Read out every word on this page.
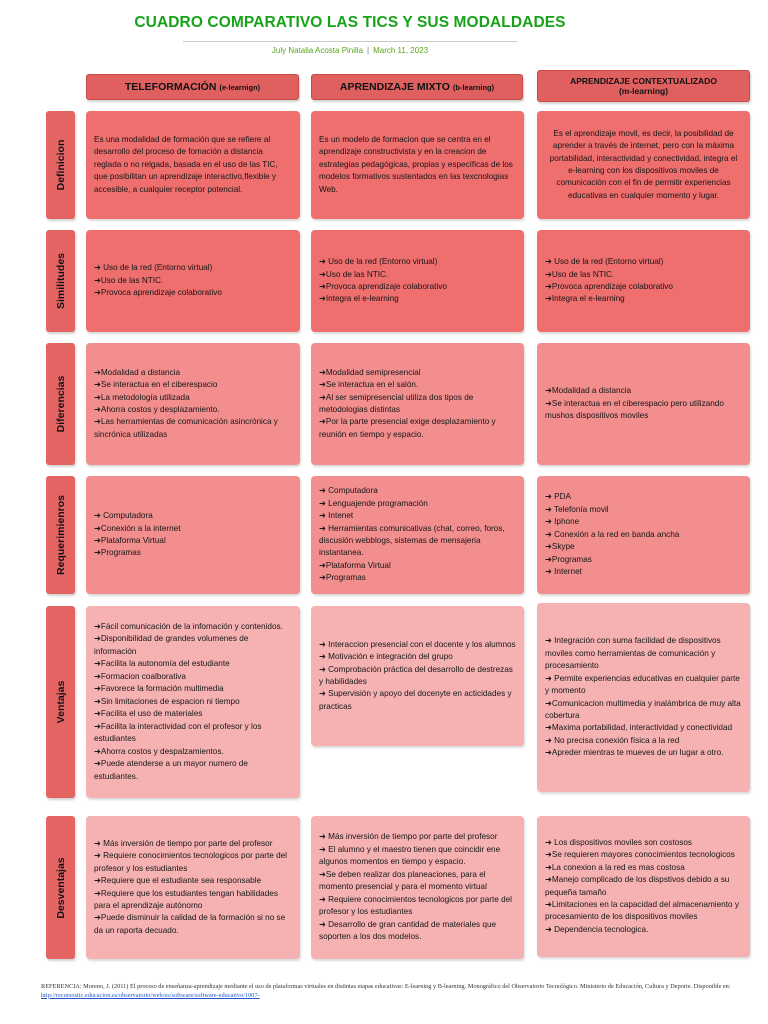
CUADRO COMPARATIVO LAS TICS Y SUS MODALDADES
July Natalia Acosta Pinilla | March 11, 2023
TELEFORMACIÓN (e-learnign)	APRENDIZAJE MIXTO (b-learning)
APRENDIZAJE CONTEXTUALIZADO
(m-learning)
Definicion
Similitudes
Diferencias
Requerimienros
Ventajas
Desventajas
Es una modalidad de formación que se refiere al desarrollo del proceso de fomación a distancia reglada o no relgada, basada en el uso de las TIC, que posibilitan un aprendizaje interactivo,flexible y accesible, a cualquier receptor potencial.
Es un modelo de formacion que se centra en el aprendizaje constructivista y en la creacion de estrategias pedagógicas, propias y específicas de los modelos formativos sustentados en las texcnologias Web.
Es el aprendizaje movil, es decir, la posibilidad de aprender a través de internet, pero con la máxima portabilidad, interactividad y conectividad, integra el e-learning con los dispositivos moviles de comunicación con el fin de permitir experiencias educativas en cualquier momento y lugar.
➜ Uso de la red (Entorno virtual)
➜Uso de las NTIC.
➜Provoca aprendizaje colaborativo
➜ Uso de la red (Entorno virtual)
➜Uso de las NTIC.
➜Provoca aprendizaje colaborativo
➜Integra el e-learning
➜ Uso de la red (Entorno virtual)
➜Uso de las NTIC.
➜Provoca aprendizaje colaborativo
➜Integra el e-learning
➜Modalidad a distancia
➜Se interactua en el ciberespacio
➜La metodología utilizada
➜Ahorra costos y desplazamiento.
➜Las herramientas de comunicación asincrónica y sincrónica utilizadas
➜Modalidad semipresencial
➜Se interactua en el salón.
➜Al ser semipresencial utiliza dos tipos de metodologias distintas
➜Por la parte presencial exige desplazamiento y reunión en tiempo y espacio.
➜Modalidad a distancia
➜Se interactua en el ciberespacio pero utilizando mushos dispositivos moviles
➜ Computadora
➜Conexión a la internet
➜Plataforma Virtual
➜Programas
➜ Computadora
➜ Lenguajende programación
➜ Intenet
➜ Herramientas comunicativas (chat, correo, foros, discusión webblogs, sistemas de mensajeria instantanea.
➜Plataforma Virtual
➜Programas
➜ PDA
➜ Telefonía movil
➜ Iphone
➜ Conexión a la red en banda ancha
➜Skype
➜Programas
➜ Internet
➜Fácil comunicación de la infomación y contenidos.
➜Disponibilidad de grandes volumenes de información
➜Facilita la autonomía del estudiante
➜Formacion coalborativa
➜Favorece la formación multimedia
➜Sin limitaciones de espacion ni tiempo
➜Facilita el uso de materiales
➜Facilita la interactividad con el profesor y los estudiantes
➜Ahorra costos y despalzamientos.
➜Puede atenderse a un mayor numero de estudiantes.
➜ Interaccion presencial con el docente y los alumnos
➜ Motivación e integración del grupo
➜ Comprobación práctica del desarrollo de destrezas y habilidades
➜ Supervisión y apoyo del docenyte en acticidades y practicas
➜ Integración con suma facilidad de dispositivos moviles como herramientas de comunicación y procesamiento
➜ Permite experiencias educativas en cualquier parte y momento
➜Comunicacion multimedia y inalámbrica de muy alta cobertura
➜Maxima portabilidad, interactividad y conectividad
➜ No precisa conexión física a la red
➜Apreder mientras te mueves de un lugar a otro.
➜ Más inversión de tiempo por parte del profesor
➜ Requiere conocimientos tecnologicos por parte del profesor y los estudiantes
➜Requiere que el estudiante sea responsable
➜Requiere que los estudiantes tengan habilidades para el aprendizaje autónomo
➜Puede disminuir la calidad de la formación si no se da un raporta decuado.
➜ Más inversión de tiempo por parte del profesor
➜ El alumno y el maestro tienen que coincidir ene algunos momentos en tiempo y espacio.
➜Se deben realizar dos planeaciones, para el momento presencial y para el momento virtual
➜ Requiere conocimientos tecnologicos por parte del profesor y los estudiantes
➜ Desarrollo de gran cantidad de materiales que soporten a los dos modelos.
➜ Los dispositivos moviles son costosos
➜Se requieren mayores conocimientos tecnologicos
➜La conexion a la red es mas costosa
➜Manejo complicado de los dispstivos debido a su pequeña tamaño
➜Limitaciones en la capacidad del almacenamiento y procesamiento de los dispositivos moviles
➜ Dependencia tecnologica.
REFERENCIA: Moreno, J. (2011) El proceso de enseñanza-aprendizaje mediante el uso de plataformas virtuales en distintas etapas educativas: E-learning y B-learning. Monográfico del Observatorio Tecnológico. Ministerio de Educación, Cultura y Deporte. Disponible en: http://recursostic.educacion.es/observatorio/web/es/software/software-educativo/1007-
